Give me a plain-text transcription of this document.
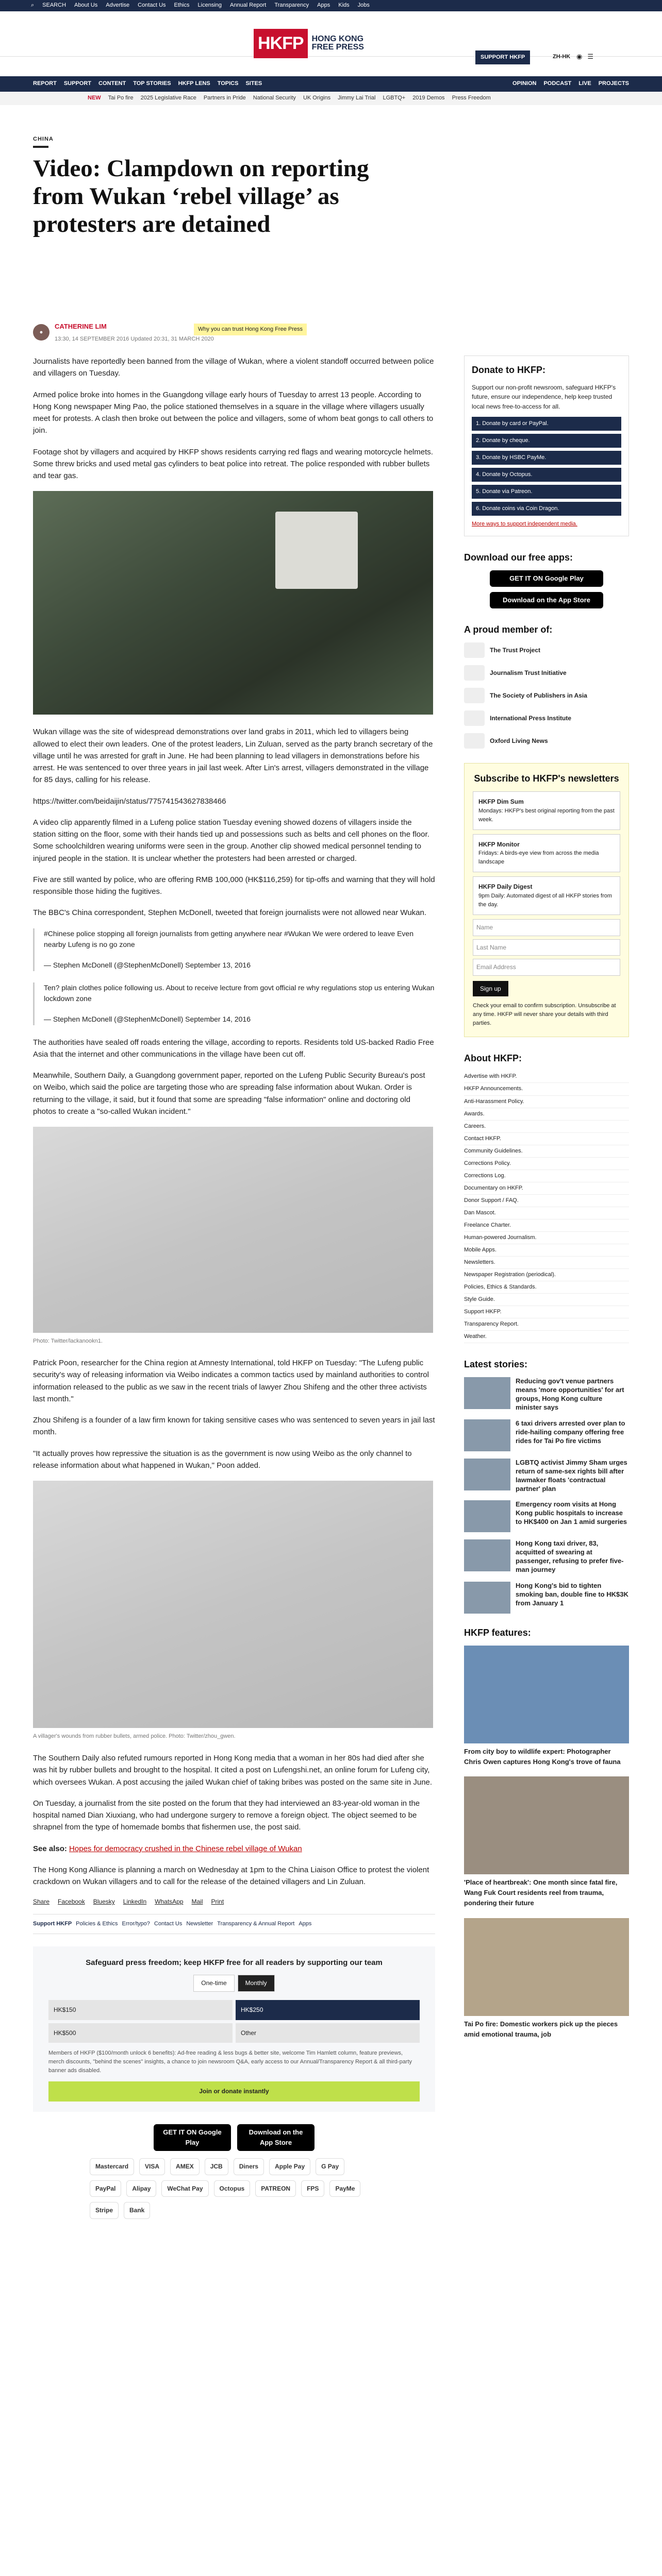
⌕ SEARCH About Us Advertise Contact Us Ethics Licensing Annual Report Transparency Apps Kids Jobs
HKFP	HONG KONG
FREE PRESS
SUPPORT HKFP	ZH-HK ◉ ☰
REPORT SUPPORT CONTENT TOP STORIES HKFP LENS TOPICS SITES	OPINION PODCAST LIVE PROJECTS
NEW Tai Po fire 2025 Legislative Race Partners in Pride National Security UK Origins Jimmy Lai Trial LGBTQ+ 2019 Demos Press Freedom
CHINA
Video: Clampdown on reporting from Wukan ‘rebel village’ as protesters are detained
●
CATHERINE LIM
13:30, 14 SEPTEMBER 2016 Updated 20:31, 31 MARCH 2020
Why you can trust Hong Kong Free Press

Journalists have reportedly been banned from the village of Wukan, where a violent standoff occurred between police and villagers on Tuesday.

Armed police broke into homes in the Guangdong village early hours of Tuesday to arrest 13 people. According to Hong Kong newspaper Ming Pao, the police stationed themselves in a square in the village where villagers usually meet for protests. A clash then broke out between the police and villagers, some of whom beat gongs to call others to join.

Footage shot by villagers and acquired by HKFP shows residents carrying red flags and wearing motorcycle helmets. Some threw bricks and used metal gas cylinders to beat police into retreat. The police responded with rubber bullets and tear gas.

Wukan village was the site of widespread demonstrations over land grabs in 2011, which led to villagers being allowed to elect their own leaders. One of the protest leaders, Lin Zuluan, served as the party branch secretary of the village until he was arrested for graft in June. He had been planning to lead villagers in demonstrations before his arrest. He was sentenced to over three years in jail last week. After Lin's arrest, villagers demonstrated in the village for 85 days, calling for his release.

https://twitter.com/beidaijin/status/775741543627838466

A video clip apparently filmed in a Lufeng police station Tuesday evening showed dozens of villagers inside the station sitting on the floor, some with their hands tied up and possessions such as belts and cell phones on the floor. Some schoolchildren wearing uniforms were seen in the group. Another clip showed medical personnel tending to injured people in the station. It is unclear whether the protesters had been arrested or charged.

Five are still wanted by police, who are offering RMB 100,000 (HK$116,259) for tip-offs and warning that they will hold responsible those hiding the fugitives.

The BBC's China correspondent, Stephen McDonell, tweeted that foreign journalists were not allowed near Wukan.

#Chinese police stopping all foreign journalists from getting anywhere near #Wukan We were ordered to leave Even nearby Lufeng is no go zone

— Stephen McDonell (@StephenMcDonell) September 13, 2016

Ten? plain clothes police following us. About to receive lecture from govt official re why regulations stop us entering Wukan lockdown zone

— Stephen McDonell (@StephenMcDonell) September 14, 2016

The authorities have sealed off roads entering the village, according to reports. Residents told US-backed Radio Free Asia that the internet and other communications in the village have been cut off.

Meanwhile, Southern Daily, a Guangdong government paper, reported on the Lufeng Public Security Bureau's post on Weibo, which said the police are targeting those who are spreading false information about Wukan. Order is returning to the village, it said, but it found that some are spreading "false information" online and doctoring old photos to create a "so-called Wukan incident."

Photo: Twitter/lackanookn1.

Patrick Poon, researcher for the China region at Amnesty International, told HKFP on Tuesday: "The Lufeng public security's way of releasing information via Weibo indicates a common tactics used by mainland authorities to control information released to the public as we saw in the recent trials of lawyer Zhou Shifeng and the other three activists last month."

Zhou Shifeng is a founder of a law firm known for taking sensitive cases who was sentenced to seven years in jail last month.

"It actually proves how repressive the situation is as the government is now using Weibo as the only channel to release information about what happened in Wukan," Poon added.

A villager's wounds from rubber bullets, armed police. Photo: Twitter/zhou_gwen.

The Southern Daily also refuted rumours reported in Hong Kong media that a woman in her 80s had died after she was hit by rubber bullets and brought to the hospital. It cited a post on Lufengshi.net, an online forum for Lufeng city, which oversees Wukan. A post accusing the jailed Wukan chief of taking bribes was posted on the same site in June.

On Tuesday, a journalist from the site posted on the forum that they had interviewed an 83-year-old woman in the hospital named Dian Xiuxiang, who had undergone surgery to remove a foreign object. The object seemed to be shrapnel from the type of homemade bombs that fishermen use, the post said.

See also: Hopes for democracy crushed in the Chinese rebel village of Wukan

The Hong Kong Alliance is planning a march on Wednesday at 1pm to the China Liaison Office to protest the violent crackdown on Wukan villagers and to call for the release of the detained villagers and Lin Zuluan.

Share Facebook Bluesky LinkedIn WhatsApp Mail Print
Support HKFP Policies & Ethics Error/typo? Contact Us Newsletter Transparency & Annual Report Apps
Safeguard press freedom; keep HKFP free for all readers by supporting our team
One-time	Monthly
HK$150	HK$250
HK$500	Other
Members of HKFP ($100/month unlock 6 benefits): Ad-free reading & less bugs & better site, welcome Tim Hamlett column, feature previews, merch discounts, "behind the scenes" insights, a chance to join newsroom Q&A, early access to our Annual/Transparency Report & all third-party banner ads disabled.
Join or donate instantly
GET IT ON Google Play
Download on the App Store
Mastercard	VISA	AMEX	JCB	Diners	Apple Pay	G Pay
PayPal	Alipay	WeChat Pay	Octopus	PATREON	FPS	PayMe
Stripe	Bank
Donate to HKFP:

Support our non-profit newsroom, safeguard HKFP's future, ensure our independence, help keep trusted local news free-to-access for all.

1. Donate by card or PayPal.
2. Donate by cheque.
3. Donate by HSBC PayMe.
4. Donate by Octopus.
5. Donate via Patreon.
6. Donate coins via Coin Dragon.
More ways to support independent media.
Download our free apps:
GET IT ON Google Play
Download on the App Store
A proud member of:
The Trust Project
Journalism Trust Initiative
The Society of Publishers in Asia
International Press Institute
Oxford Living News
Subscribe to HKFP's newsletters
HKFP Dim Sum
Mondays: HKFP's best original reporting from the past week.
HKFP Monitor
Fridays: A birds-eye view from across the media landscape
HKFP Daily Digest
9pm Daily: Automated digest of all HKFP stories from the day.
Name
Last Name
Email Address
Sign up

Check your email to confirm subscription. Unsubscribe at any time. HKFP will never share your details with third parties.

About HKFP:
Advertise with HKFP.
HKFP Announcements.
Anti-Harassment Policy.
Awards.
Careers.
Contact HKFP.
Community Guidelines.
Corrections Policy.
Corrections Log.
Documentary on HKFP.
Donor Support / FAQ.
Dan Mascot.
Freelance Charter.
Human-powered Journalism.
Mobile Apps.
Newsletters.
Newspaper Registration (periodical).
Policies, Ethics & Standards.
Style Guide.
Support HKFP.
Transparency Report.
Weather.
Latest stories:
Reducing gov't venue partners means 'more opportunities' for art groups, Hong Kong culture minister says
6 taxi drivers arrested over plan to ride-hailing company offering free rides for Tai Po fire victims
LGBTQ activist Jimmy Sham urges return of same-sex rights bill after lawmaker floats 'contractual partner' plan
Emergency room visits at Hong Kong public hospitals to increase to HK$400 on Jan 1 amid surgeries
Hong Kong taxi driver, 83, acquitted of swearing at passenger, refusing to prefer five-man journey
Hong Kong's bid to tighten smoking ban, double fine to HK$3K from January 1
HKFP features:
From city boy to wildlife expert: Photographer Chris Owen captures Hong Kong's trove of fauna
'Place of heartbreak': One month since fatal fire, Wang Fuk Court residents reel from trauma, pondering their future
Tai Po fire: Domestic workers pick up the pieces amid emotional trauma, job
